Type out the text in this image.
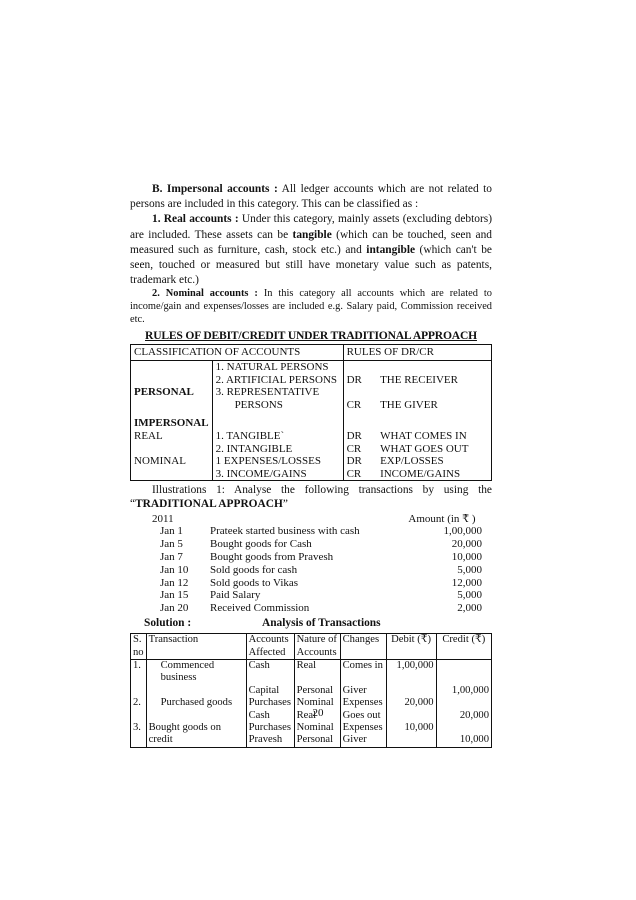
B. Impersonal accounts : All ledger accounts which are not related to persons are included in this category. This can be classified as :

1. Real accounts : Under this category, mainly assets (excluding debtors) are included. These assets can be tangible (which can be touched, seen and measured such as furniture, cash, stock etc.) and intangible (which can't be seen, touched or measured but still have monetary value such as patents, trademark etc.)

2. Nominal accounts : In this category all accounts which are related to income/gain and expenses/losses are included e.g. Salary paid, Commission received etc.

RULES OF DEBIT/CREDIT UNDER TRADITIONAL APPROACH
CLASSIFICATION OF ACCOUNTS		RULES OF DR/CR	
	1. NATURAL PERSONS		
	2. ARTIFICIAL PERSONS	DR	THE RECEIVER
PERSONAL	3. REPRESENTATIVE		
	PERSONS	CR	THE GIVER
IMPERSONAL			
REAL	1. TANGIBLE`	DR	WHAT COMES IN
	2. INTANGIBLE	CR	WHAT GOES OUT
NOMINAL	1 EXPENSES/LOSSES	DR	EXP/LOSSES
	3. INCOME/GAINS	CR	INCOME/GAINS

Illustrations 1: Analyse the following transactions by using the “TRADITIONAL APPROACH”

2011	Amount (in ₹ )
Jan 1	Prateek started business with cash	1,00,000
Jan 5	Bought goods for Cash	20,000
Jan 7	Bought goods from Pravesh	10,000
Jan 10	Sold goods for cash	5,000
Jan 12	Sold goods to Vikas	12,000
Jan 15	Paid Salary	5,000
Jan 20	Received Commission	2,000
Solution :	Analysis of Transactions
S. no	Transaction	Accounts Affected	Nature of Accounts	Changes	Debit (₹)	Credit (₹)
1.	Commenced business	Cash	Real	Comes in	1,00,000	
		Capital	Personal	Giver		1,00,000
2.	Purchased goods	Purchases	Nominal	Expenses	20,000	
		Cash	Real	Goes out		20,000
3.	Bought goods on	Purchases	Nominal	Expenses	10,000	
	credit	Pravesh	Personal	Giver		10,000
20
